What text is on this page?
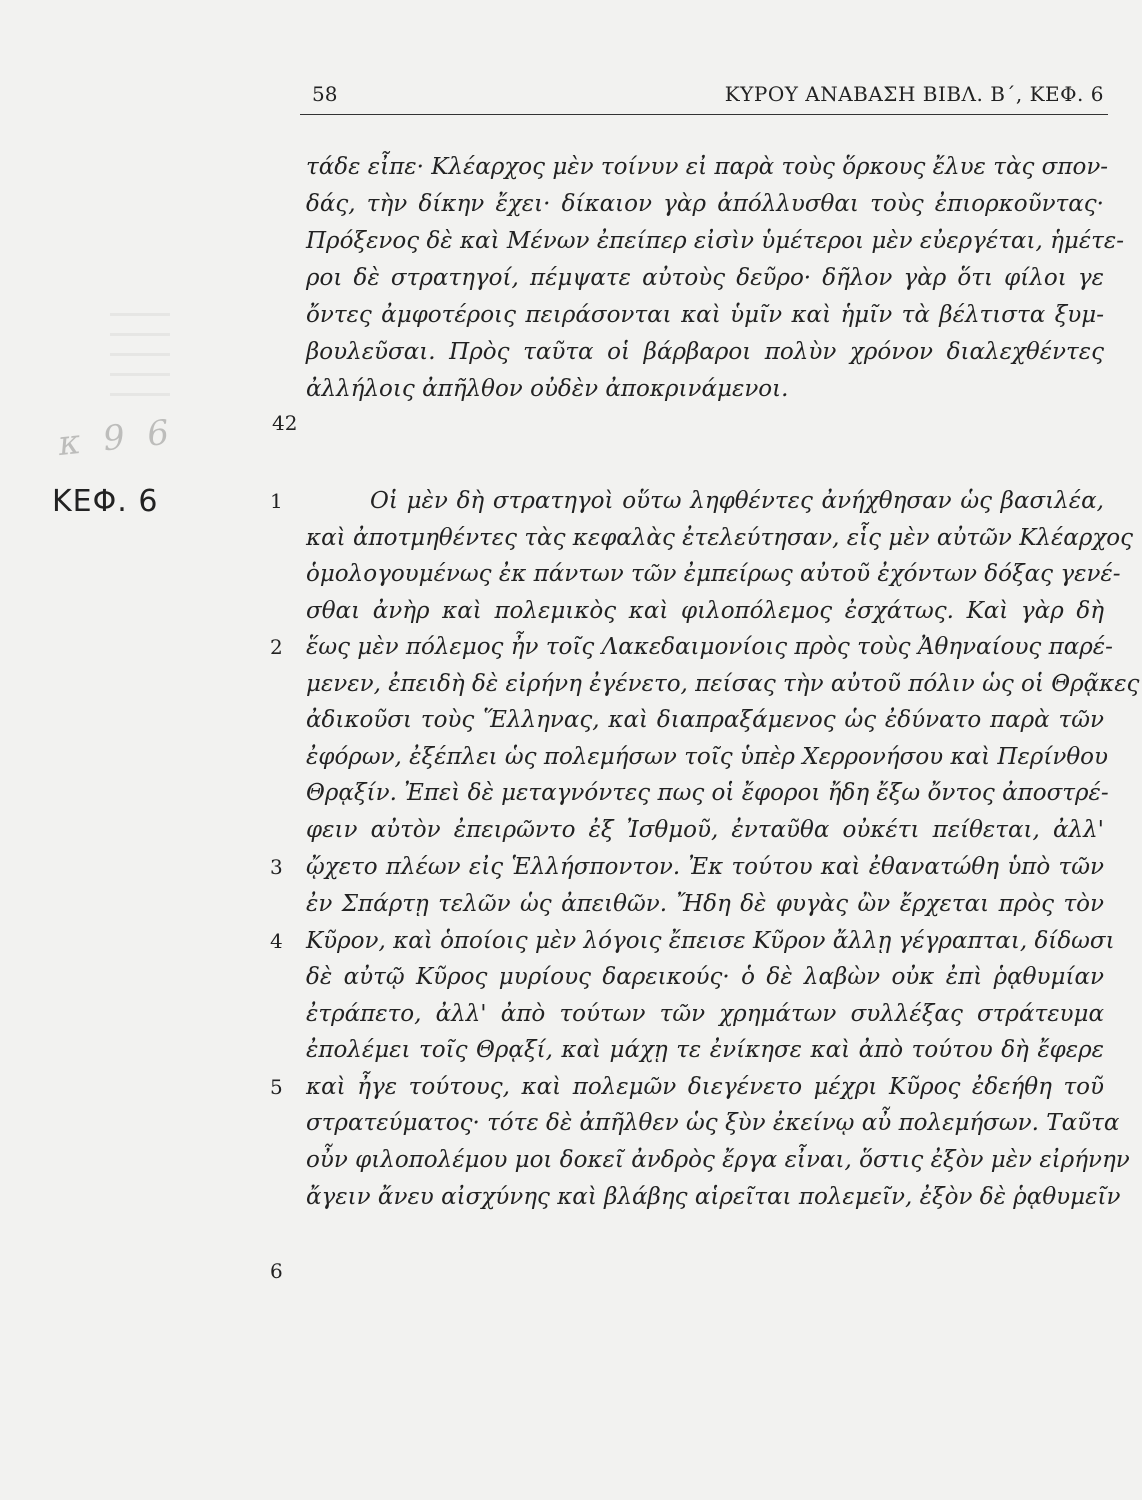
58	ΚΥΡΟΥ ΑΝΑΒΑΣΗ ΒΙΒΛ. Β΄, ΚΕΦ. 6
κ 9 6
ΚΕΦ. 6
42
1
2
3
4
5
6
τάδε εἶπε· Κλέαρχος μὲν τοίνυν εἰ παρὰ τοὺς ὅρκους ἔλυε τὰς σπον-
δάς, τὴν δίκην ἔχει· δίκαιον γὰρ ἀπόλλυσθαι τοὺς ἐπιορκοῦντας·
Πρόξενος δὲ καὶ Μένων ἐπείπερ εἰσὶν ὑμέτεροι μὲν εὐεργέται, ἡμέτε-
ροι δὲ στρατηγοί, πέμψατε αὐτοὺς δεῦρο· δῆλον γὰρ ὅτι φίλοι γε
ὄντες ἀμφοτέροις πειράσονται καὶ ὑμῖν καὶ ἡμῖν τὰ βέλτιστα ξυμ-
βουλεῦσαι. Πρὸς ταῦτα οἱ βάρβαροι πολὺν χρόνον διαλεχθέντες
ἀλλήλοις ἀπῆλθον οὐδὲν ἀποκρινάμενοι.
Οἱ μὲν δὴ στρατηγοὶ οὕτω ληφθέντες ἀνήχθησαν ὡς βασιλέα,
καὶ ἀποτμηθέντες τὰς κεφαλὰς ἐτελεύτησαν, εἷς μὲν αὐτῶν Κλέαρχος
ὁμολογουμένως ἐκ πάντων τῶν ἐμπείρως αὐτοῦ ἐχόντων δόξας γενέ-
σθαι ἀνὴρ καὶ πολεμικὸς καὶ φιλοπόλεμος ἐσχάτως. Καὶ γὰρ δὴ
ἕως μὲν πόλεμος ἦν τοῖς Λακεδαιμονίοις πρὸς τοὺς Ἀθηναίους παρέ-
μενεν, ἐπειδὴ δὲ εἰρήνη ἐγένετο, πείσας τὴν αὐτοῦ πόλιν ὡς οἱ Θρᾷκες
ἀδικοῦσι τοὺς Ἕλληνας, καὶ διαπραξάμενος ὡς ἐδύνατο παρὰ τῶν
ἐφόρων, ἐξέπλει ὡς πολεμήσων τοῖς ὑπὲρ Χερρονήσου καὶ Περίνθου
Θρᾳξίν. Ἐπεὶ δὲ μεταγνόντες πως οἱ ἔφοροι ἤδη ἔξω ὄντος ἀποστρέ-
φειν αὐτὸν ἐπειρῶντο ἐξ Ἰσθμοῦ, ἐνταῦθα οὐκέτι πείθεται, ἀλλ'
ᾤχετο πλέων εἰς Ἑλλήσποντον. Ἐκ τούτου καὶ ἐθανατώθη ὑπὸ τῶν
ἐν Σπάρτῃ τελῶν ὡς ἀπειθῶν. Ἤδη δὲ φυγὰς ὢν ἔρχεται πρὸς τὸν
Κῦρον, καὶ ὁποίοις μὲν λόγοις ἔπεισε Κῦρον ἄλλῃ γέγραπται, δίδωσι
δὲ αὐτῷ Κῦρος μυρίους δαρεικούς· ὁ δὲ λαβὼν οὐκ ἐπὶ ῥᾳθυμίαν
ἐτράπετο, ἀλλ' ἀπὸ τούτων τῶν χρημάτων συλλέξας στράτευμα
ἐπολέμει τοῖς Θρᾳξί, καὶ μάχῃ τε ἐνίκησε καὶ ἀπὸ τούτου δὴ ἔφερε
καὶ ἦγε τούτους, καὶ πολεμῶν διεγένετο μέχρι Κῦρος ἐδεήθη τοῦ
στρατεύματος· τότε δὲ ἀπῆλθεν ὡς ξὺν ἐκείνῳ αὖ πολεμήσων. Ταῦτα
οὖν φιλοπολέμου μοι δοκεῖ ἀνδρὸς ἔργα εἶναι, ὅστις ἐξὸν μὲν εἰρήνην
ἄγειν ἄνευ αἰσχύνης καὶ βλάβης αἱρεῖται πολεμεῖν, ἐξὸν δὲ ῥᾳθυμεῖν
